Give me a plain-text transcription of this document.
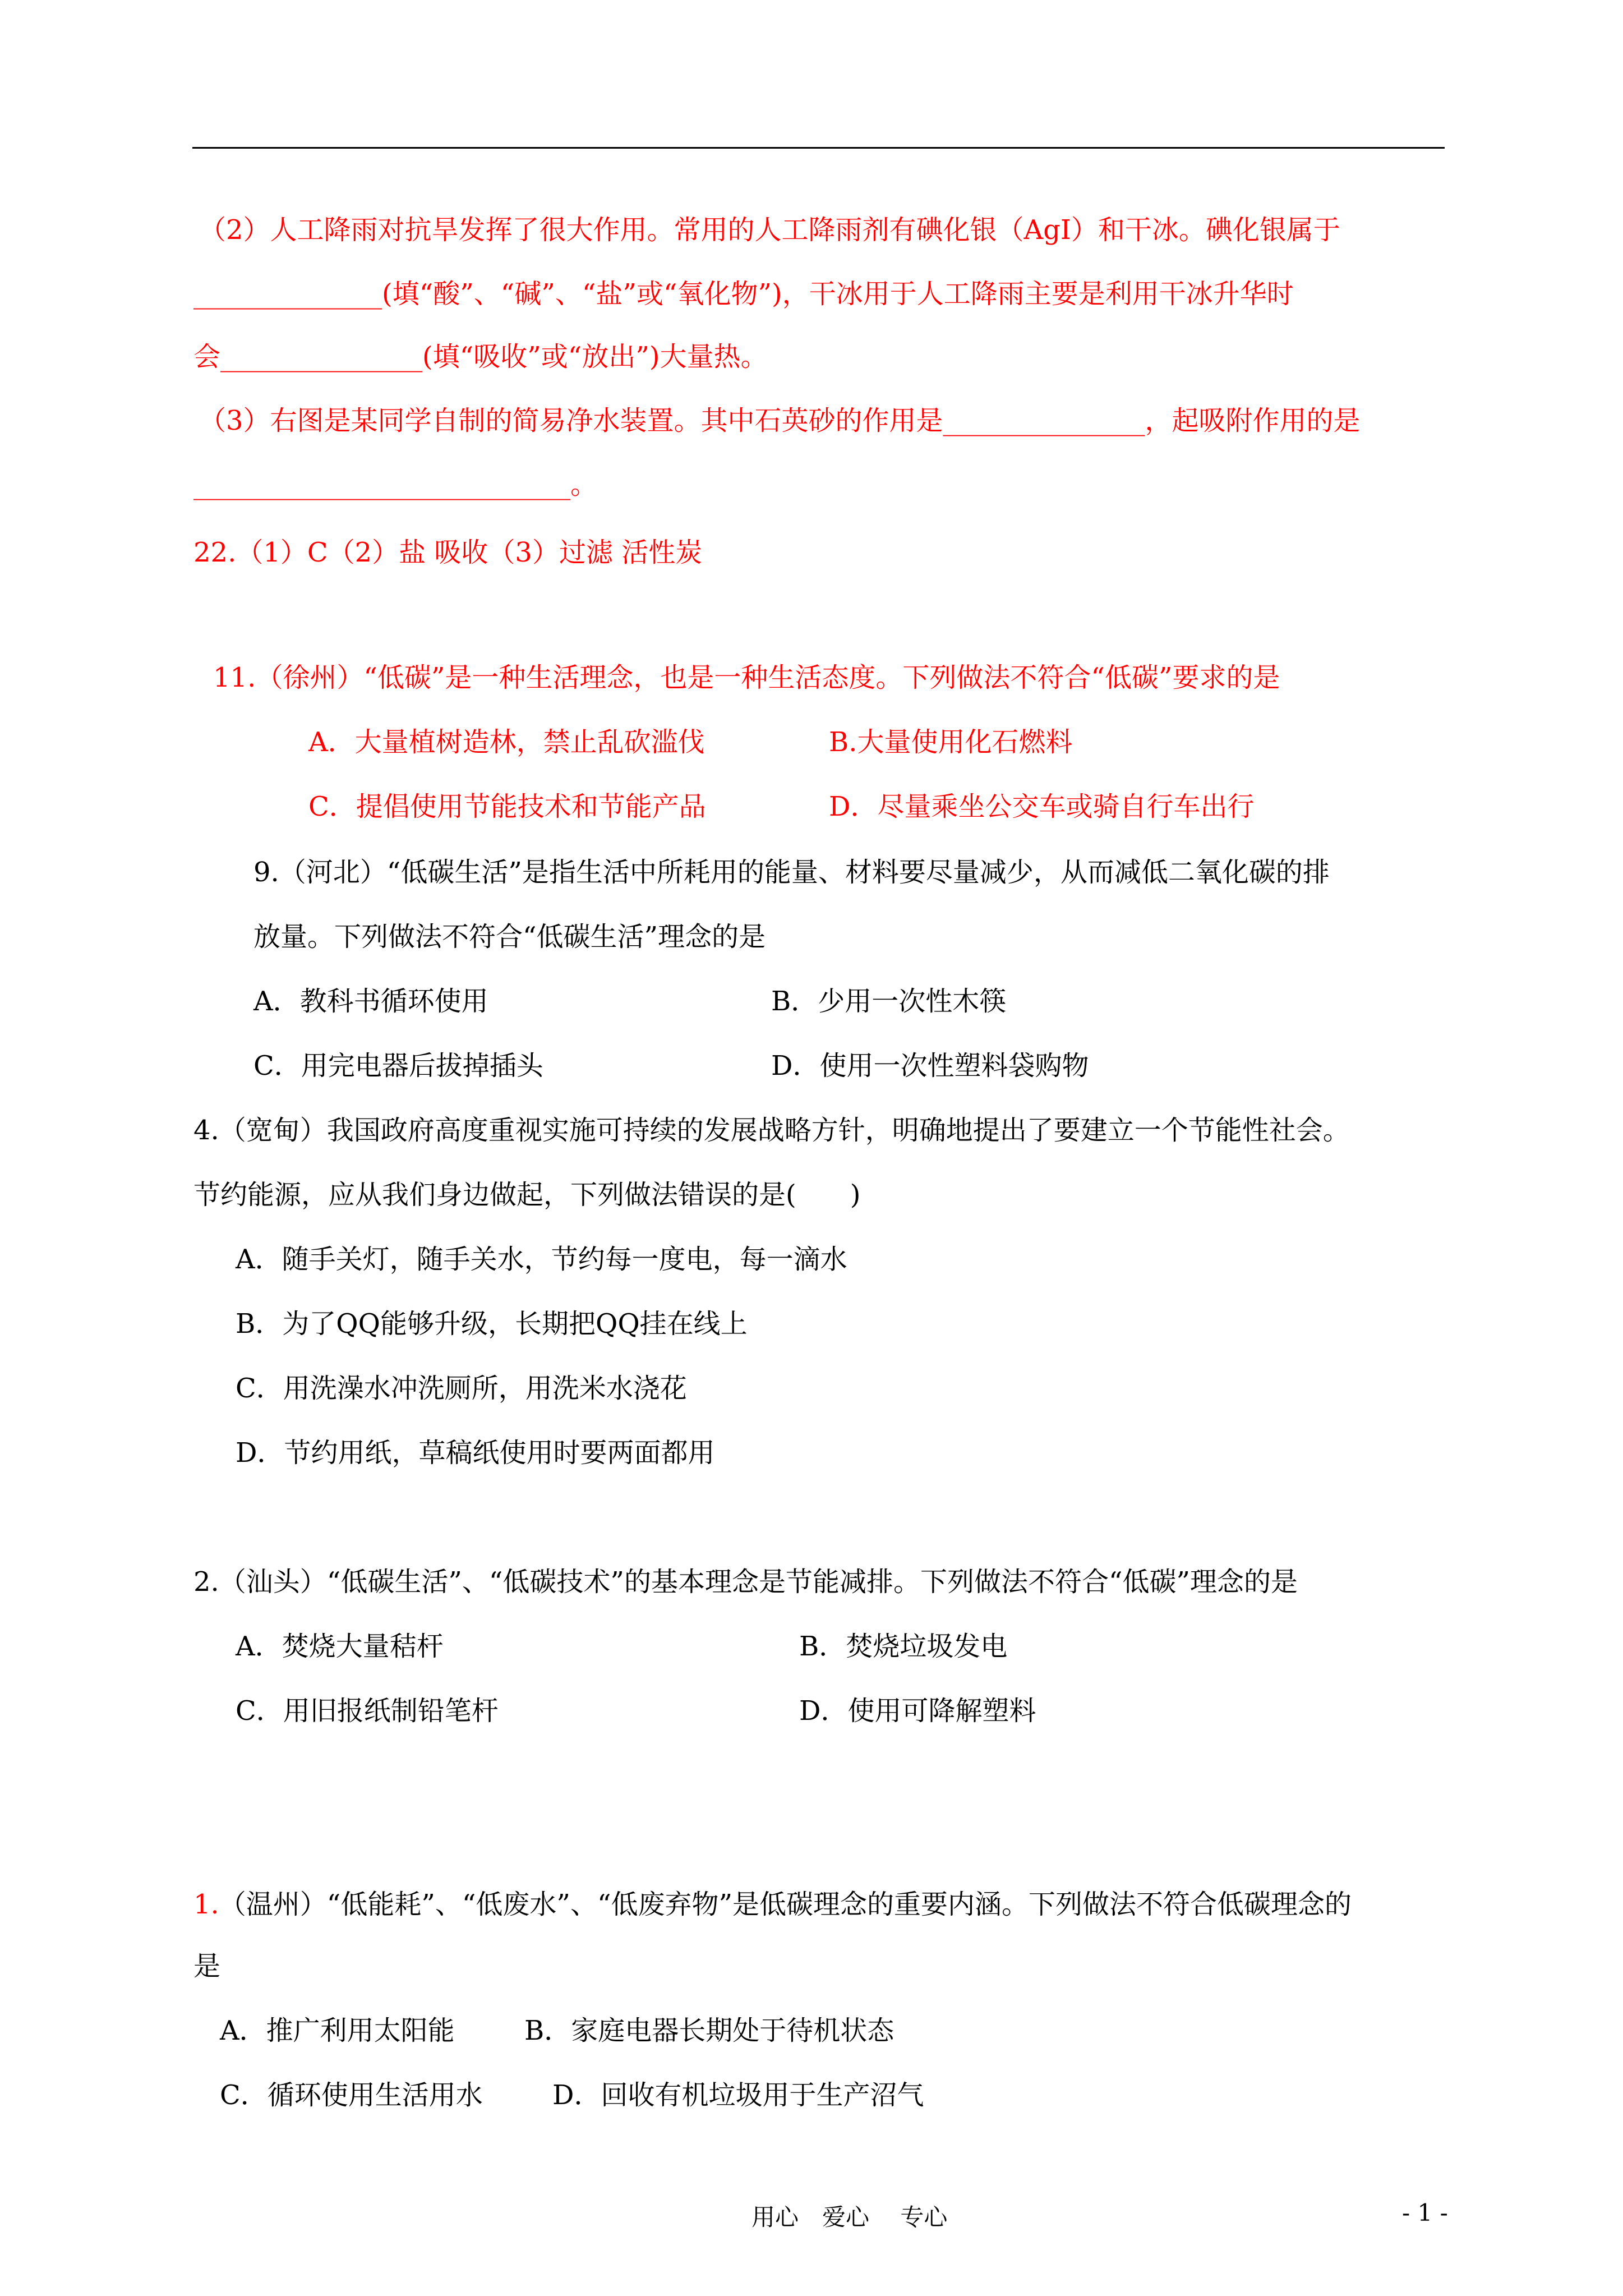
（2）人工降雨对抗旱发挥了很大作用。常用的人工降雨剂有碘化银（AgI）和干冰。碘化银属于
______________(填“酸”、“碱”、“盐”或“氧化物”)，干冰用于人工降雨主要是利用干冰升华时
会_______________(填“吸收”或“放出”)大量热。
（3）右图是某同学自制的简易净水装置。其中石英砂的作用是_______________，起吸附作用的是
____________________________。
22.（1）C（2）盐 吸收（3）过滤 活性炭
11.（徐州）“低碳”是一种生活理念，也是一种生活态度。下列做法不符合“低碳”要求的是
A．大量植树造林，禁止乱砍滥伐	B.大量使用化石燃料
C．提倡使用节能技术和节能产品	D．尽量乘坐公交车或骑自行车出行
9.（河北）“低碳生活”是指生活中所耗用的能量、材料要尽量减少，从而减低二氧化碳的排
放量。下列做法不符合“低碳生活”理念的是
A．教科书循环使用	B．少用一次性木筷
C．用完电器后拔掉插头	D．使用一次性塑料袋购物
4.（宽甸）我国政府高度重视实施可持续的发展战略方针，明确地提出了要建立一个节能性社会。
节约能源，应从我们身边做起，下列做法错误的是(　　)
A．随手关灯，随手关水，节约每一度电，每一滴水
B．为了QQ能够升级，长期把QQ挂在线上
C．用洗澡水冲洗厕所，用洗米水浇花
D．节约用纸，草稿纸使用时要两面都用
2.（汕头）“低碳生活”、“低碳技术”的基本理念是节能减排。下列做法不符合“低碳”理念的是
A．焚烧大量秸杆	B．焚烧垃圾发电
C．用旧报纸制铅笔杆	D．使用可降解塑料
1.（温州）“低能耗”、“低废水”、“低废弃物”是低碳理念的重要内涵。下列做法不符合低碳理念的
是
A．推广利用太阳能	B．家庭电器长期处于待机状态
C．循环使用生活用水	D．回收有机垃圾用于生产沼气
用心　爱心　 专心	- 1 -
